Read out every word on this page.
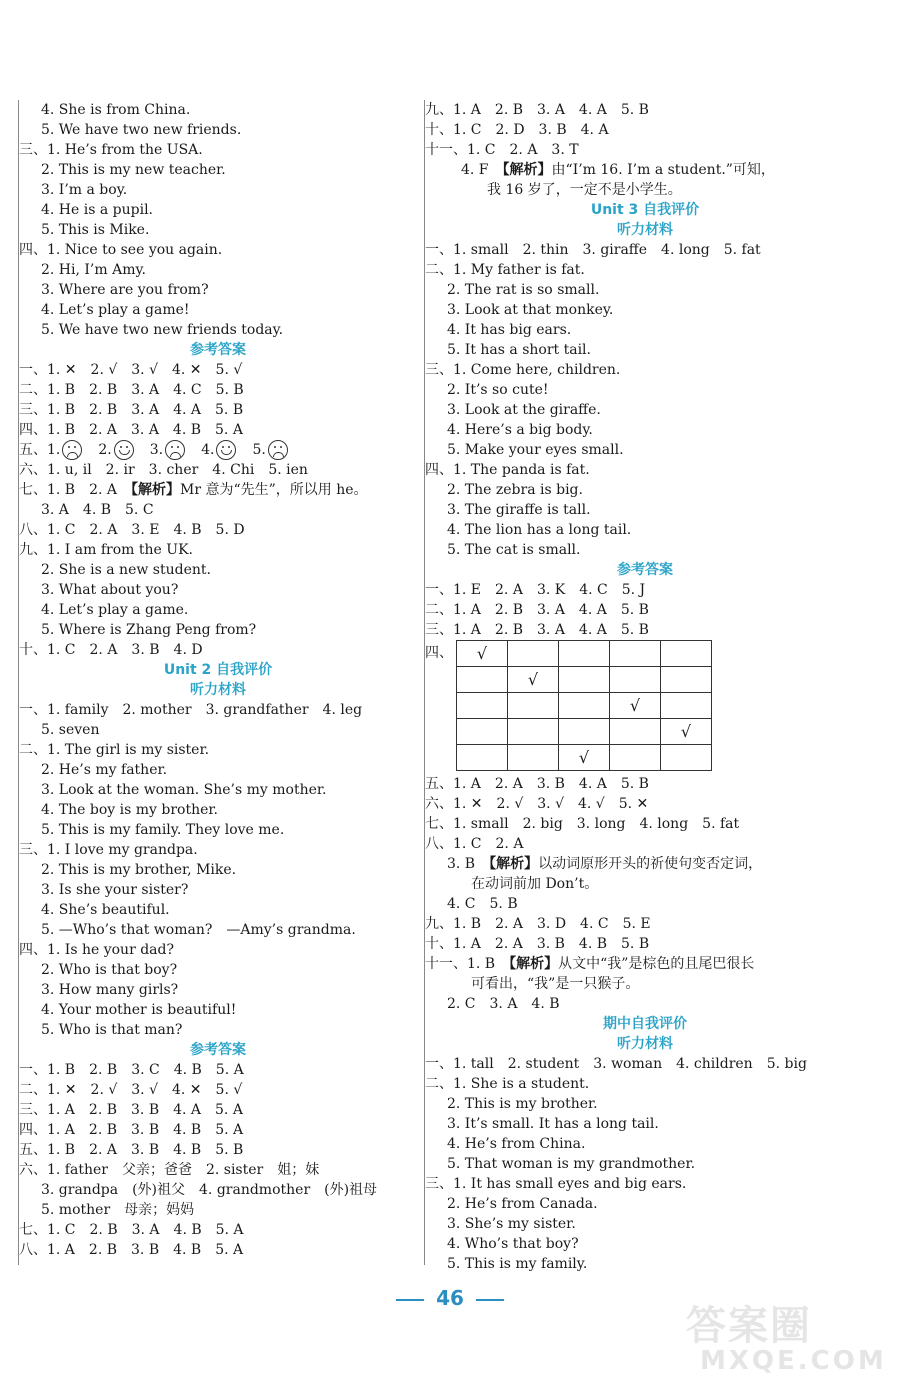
4. She is from China.
5. We have two new friends.
三、1. He’s from the USA.
2. This is my new teacher.
3. I’m a boy.
4. He is a pupil.
5. This is Mike.
四、1. Nice to see you again.
2. Hi, I’m Amy.
3. Where are you from?
4. Let’s play a game!
5. We have two new friends today.
参考答案
一、1. ✕　2. √　3. √　4. ✕　5. √
二、1. B　2. B　3. A　4. C　5. B
三、1. B　2. B　3. A　4. A　5. B
四、1. B　2. A　3. A　4. B　5. A
五、1.
　	2.
　	3.
　	4.
　	5.

六、1. u, il　2. ir　3. cher　4. Chi　5. ien
七、1. B　2. A　【解析】Mr 意为“先生”，所以用 he。
3. A　4. B　5. C
八、1. C　2. A　3. E　4. B　5. D
九、1. I am from the UK.
2. She is a new student.
3. What about you?
4. Let’s play a game.
5. Where is Zhang Peng from?
十、1. C　2. A　3. B　4. D
Unit 2 自我评价
听力材料
一、1. family　2. mother　3. grandfather　4. leg
5. seven
二、1. The girl is my sister.
2. He’s my father.
3. Look at the woman. She’s my mother.
4. The boy is my brother.
5. This is my family. They love me.
三、1. I love my grandpa.
2. This is my brother, Mike.
3. Is she your sister?
4. She’s beautiful.
5. —Who’s that woman?　—Amy’s grandma.
四、1. Is he your dad?
2. Who is that boy?
3. How many girls?
4. Your mother is beautiful!
5. Who is that man?
参考答案
一、1. B　2. B　3. C　4. B　5. A
二、1. ✕　2. √　3. √　4. ✕　5. √
三、1. A　2. B　3. B　4. A　5. A
四、1. A　2. B　3. B　4. B　5. A
五、1. B　2. A　3. B　4. B　5. B
六、1. father　父亲；爸爸　2. sister　姐；妹
3. grandpa　(外)祖父　4. grandmother　(外)祖母
5. mother　母亲；妈妈
七、1. C　2. B　3. A　4. B　5. A
八、1. A　2. B　3. B　4. B　5. A
九、1. A　2. B　3. A　4. A　5. B
十、1. C　2. D　3. B　4. A
十一、1. C　2. A　3. T
4. F　【解析】由“I’m 16. I’m a student.”可知，
我 16 岁了，一定不是小学生。
Unit 3 自我评价
听力材料
一、1. small　2. thin　3. giraffe　4. long　5. fat
二、1. My father is fat.
2. The rat is so small.
3. Look at that monkey.
4. It has big ears.
5. It has a short tail.
三、1. Come here, children.
2. It’s so cute!
3. Look at the giraffe.
4. Here’s a big body.
5. Make your eyes small.
四、1. The panda is fat.
2. The zebra is big.
3. The giraffe is tall.
4. The lion has a long tail.
5. The cat is small.
参考答案
一、1. E　2. A　3. K　4. C　5. J
二、1. A　2. B　3. A　4. A　5. B
三、1. A　2. B　3. A　4. A　5. B
四、 √				
	√			
			√	
				√
		√		
五、1. A　2. A　3. B　4. A　5. B
六、1. ✕　2. √　3. √　4. √　5. ✕
七、1. small　2. big　3. long　4. long　5. fat
八、1. C　2. A
3. B　【解析】以动词原形开头的祈使句变否定词，
在动词前加 Don’t。
4. C　5. B
九、1. B　2. A　3. D　4. C　5. E
十、1. A　2. A　3. B　4. B　5. B
十一、1. B　【解析】从文中“我”是棕色的且尾巴很长
可看出，“我”是一只猴子。
2. C　3. A　4. B
期中自我评价
听力材料
一、1. tall　2. student　3. woman　4. children　5. big
二、1. She is a student.
2. This is my brother.
3. It’s small. It has a long tail.
4. He’s from China.
5. That woman is my grandmother.
三、1. It has small eyes and big ears.
2. He’s from Canada.
3. She’s my sister.
4. Who’s that boy?
5. This is my family.
46
答案圈
MXQE.COM
